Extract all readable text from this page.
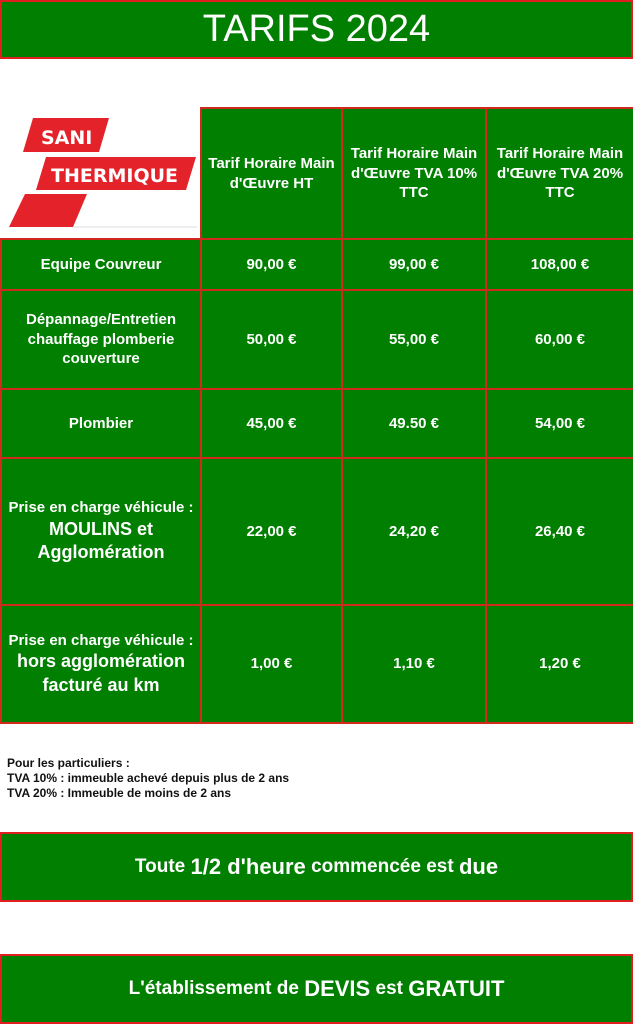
TARIFS 2024
SANI
THERMIQUE	Tarif Horaire Main d'Œuvre HT	Tarif Horaire Main d'Œuvre TVA 10% TTC	Tarif Horaire Main d'Œuvre TVA 20% TTC
Equipe Couvreur	90,00 €	99,00 €	108,00 €
Dépannage/Entretien chauffage plomberie couverture	50,00 €	55,00 €	60,00 €
Plombier	45,00 €	49.50 €	54,00 €
Prise en charge véhicule : MOULINS et Agglomération	22,00 €	24,20 €	26,40 €
Prise en charge véhicule : hors agglomération facturé au km	1,00 €	1,10 €	1,20 €
Pour les particuliers :
TVA 10% : immeuble achevé depuis plus de 2 ans
TVA 20% : Immeuble de moins de 2 ans
Toute 1/2 d'heure commencée est due
L'établissement de DEVIS est GRATUIT
